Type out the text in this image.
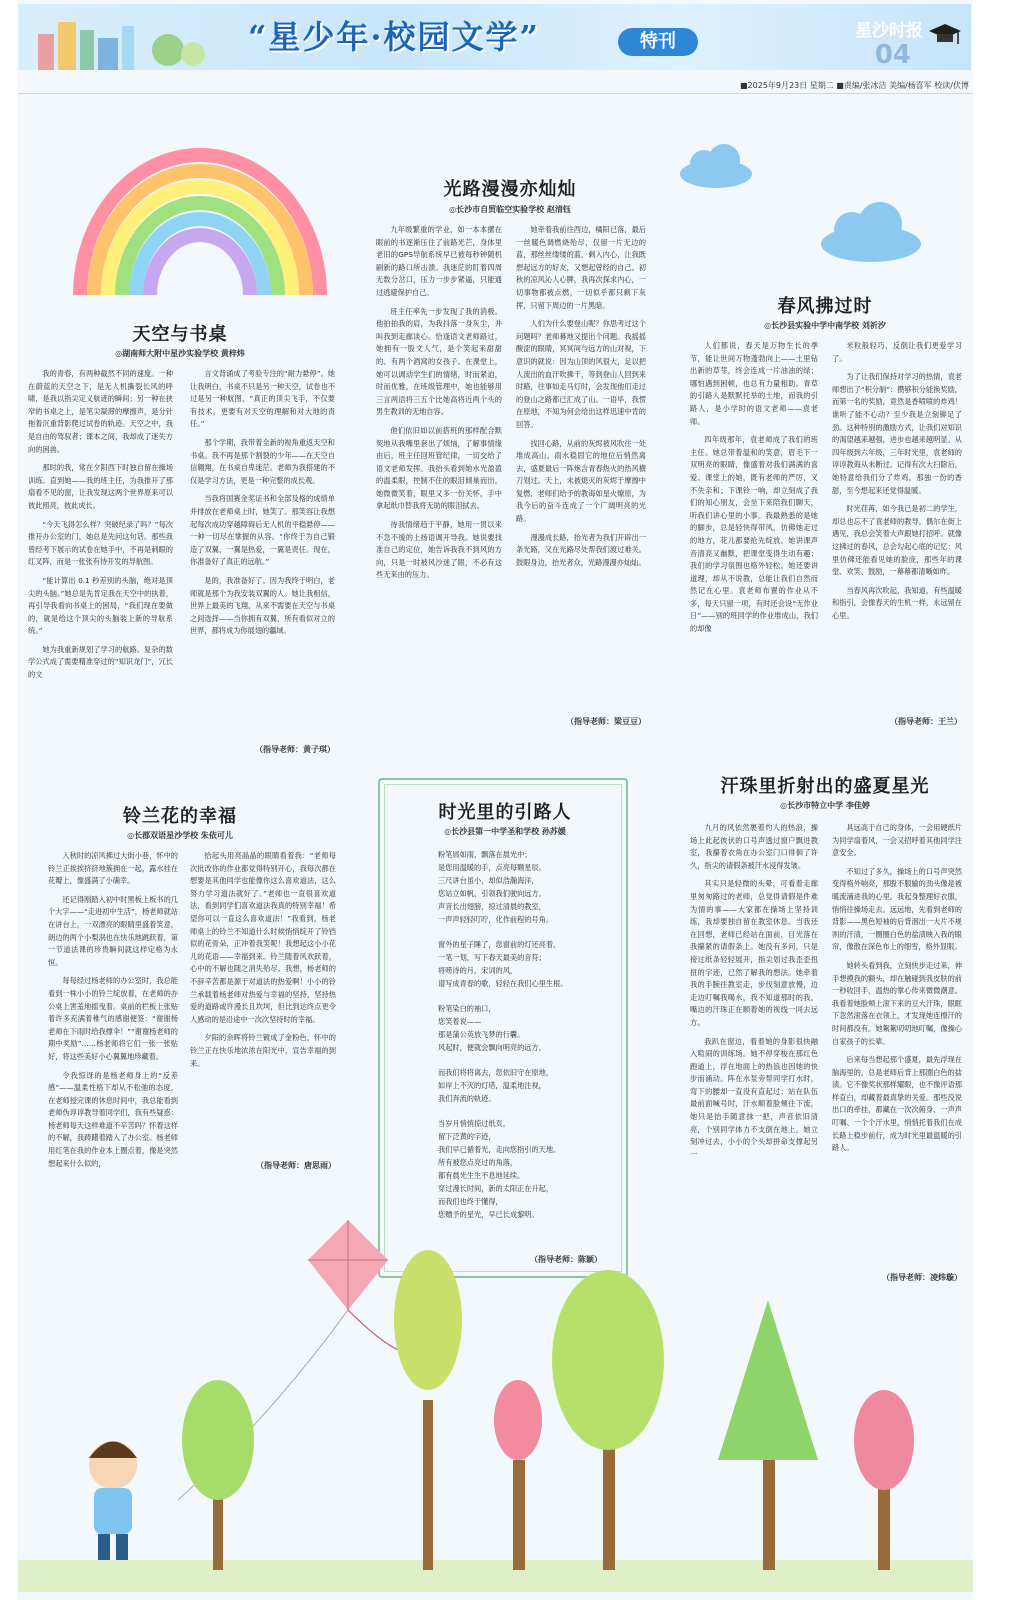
“星少年·校园文学”	特刊	星沙时报
04
■2025年9月23日 星期二 ■责编/张冰洁 美编/杨喜军 校读/伏博
天空与书桌
◎湖南师大附中星沙实验学校 黄梓炜

我的青春，有两种截然不同的速度。一种在蔚蓝的天空之下，是无人机撕裂长风的呼啸，是我以指尖定义航迹的瞬间；另一种在狭窄的书桌之上，是笔尖凝滞的摩擦声，是分针拖着沉重背影爬过试卷的轨迹。天空之中，我是自由的驾驭者；课本之间，我却成了迷失方向的困兽。

那时的我，常在夕阳西下时独自留在操场训练。直到她——我的班主任，为我推开了那扇看不见的窗，让我发现这两个世界原来可以彼此照亮，彼此成长。

“今天飞得怎么样？突破纪录了吗？”每次推开办公室的门，她总是先问这句话。那些我曾经考下展示的试卷在她手中，不再是刺眼的红叉阵，而是一张张有待开发的导航图。

“能计算出 0.1 秒差别的头脑，绝对是顶尖的头脑。”她总是先肯定我在天空中的执着，再引导我看向书桌上的困局，“我们现在要做的，就是给这个顶尖的头脑装上新的导航系统。”

她为我重新规划了学习的航路。复杂的数学公式成了需要精准穿过的“知识龙门”，冗长的文

言文背诵成了考验专注的“耐力悬停”。她让我明白，书桌不只是另一种天空，试卷也不过是另一种航图，“真正的顶尖飞手，不仅要有技术，更要有对天空的理解和对大地的责任。”

那个学期，我带着全新的视角重返天空和书桌。我不再是那个割裂的少年——在天空自信翱翔，在书桌自卑迷茫。老师为我搭建的不仅是学习方法，更是一种完整的成长观。

当我将国赛金奖证书和全部及格的成绩单并排放在老师桌上时，她笑了。那笑容让我想起每次成功穿越障碍后无人机的平稳悬停——一种一切尽在掌握的从容。“你终于为自己锻造了双翼，一翼是热爱，一翼是责任。现在，你准备好了真正的远航。”

是的，我准备好了。因为我终于明白，老师就是那个为我安装双翼的人。她让我相信，世界上最美的飞翔，从来不需要在天空与书桌之间选择——当你拥有双翼，所有看似对立的世界，都将成为你展翅的疆域。

（指导老师：黄子琪）
光路漫漫亦灿灿
◎长沙市自贸临空实验学校 赵清钰

九年级繁重的学业，如一本本摞在眼前的书逐渐压住了前路光芒，身体里老旧的GPS导航系统早已被每秒钟随机刷新的路口所击溃。我迷茫的盯着四周无数分岔口，压力一步步紧逼，只能通过逃避保护自己。

班主任率先一步发现了我的消极。他拍拍我的肩，为我抖落一身灰尘，并叫我到走廊谈心。恰逢语文老师路过，她拥有一股文人气，是个笑起来甜甜的、有两个酒窝的女孩子。在课堂上，她可以调动学生们的情绪，时而紧迫，时而优雅，在班级管理中，她也能够用三言两语将三五个比她高将近两个头的男生教训的无地自容。

他们依旧如以前搭班的那样配合默契地从我嘴里套出了烦恼，了解事情缘由后，班主任回班管纪律，一切交给了语文老师发挥。我抬头看到她水光盈盈的温柔眼，控制不住的眼泪倾巢而出，她微微笑着，眼里又多一份关怀，手中拿起纸巾替我将无助的眼泪拭去。

待我情绪趋于平静，她用一贯以来不急不缓的上扬语调开导我。她说要找准自己的定位，她告诉我我不到风的方向，只是一时被风沙迷了眼，不必有这些无来由的压力。

她牵着我前往西边，橘阳已落，最后一丝暖色调燃烧殆尽，仅留一片无边的蓝，那丝丝缕缕的蓝，剩入内心，让我既想起远方的好友，又想起曾经的自己。初秋的凉风沁人心脾，我再次探求内心，一切事物都被点燃，一切似乎都只剩下灰挥，只留下周边的一片黑暗。

人们为什么要登山呢？你思考过这个问题吗？老师幕地又提出个问题。我摇摇酸涩的眼睛，冥冥间与远方的山对视，下意识的就说：因为山顶的风很大，足以把人流出的血汗吹拂干，等到登山人回到来时路，往事如走马灯时，会发现他们走过的登山之路都已汇成了山。一语毕，我愣在原地，不知为何会给出这样迅速中肯的回答。

找回心路，从前的灰烬被风吹往一处堆成高山。雨水稳固它的地位后悄然离去，盛夏最后一阵炮含青春热火的热风横刀划过。天上，未被熄灭的灰烬于摩擦中复燃，老师们给予的教诲如星火燎原，为我今后的奋斗连成了一个广阔明亮的光路。

漫漫成长路，抬光者为我们开辟出一条光路，又在光路尽处帮我们渡过难关。鼓眼身边，抬光者众，光路漫漫亦灿灿。

（指导老师：梁豆豆）
春风拂过时
◎长沙县实验中学中南学校 刘祈汐

人们都说，春天是万物生长的季节，能让世间万物蓬勃向上——土里钻出新的草芽，终会连成一片油油的绿；哪怕遇到困顿，也总有力量相助。青草的引路人是默默托举的土地，而我的引路人，是小学时的语文老师——袁老师。

四年级那年，袁老师成了我们的班主任。她总带着温和的笑意，眉毛下一双明亮的眼睛，像盛着对我们满满的喜爱。课堂上的她，既有老师的严厉，又不失亲和；下课铃一响，却立刻成了我们的知心朋友，会坐下来陪我们聊天，听我们讲心里的小事。我最熟悉的是她的脚步，总是轻快得带风，仿佛她走过的地方，花儿都要抢先绽放。她讲课声音清亮又幽默，把课堂变得生动有趣；我们的学习氛围也格外轻松。她还要讲道理，却从不说教，总能让我们自然而然记在心里。袁老师布置的作业从不多，每天只留一项，有时还会设“无作业日”——别的班同学的作业堆成山，我们的却像

米粒般轻巧，反倒让我们更爱学习了。

为了让我们保持对学习的热情，袁老师想出了“积分制”：攒够积分能换奖励，而第一名的奖励，竟然是香喷喷的炸鸡！谁听了能不心动？至少我是立刻铆足了劲。这种特别的激励方式，让我们对知识的渴望越来越强，进步也越来越明显。从四年级到六年级，三年时光里，袁老师的谆谆教诲从未断过。记得有次大扫除后，她特意给我们分了炸鸡，那独一份的香甜，至今想起来还觉得温暖。

时光荏苒，如今我已是初二的学生，却总也忘不了袁老师的教导。偶尔在街上遇见，我总会笑着大声跟她打招呼。就像这拂过的春风，总会勾起心底的记忆：风里仿佛还能看见她的脸庞，那些年的课堂、欢笑、鼓励，一幕幕都清晰如昨。

当春风再次吹起，我知道，有些温暖和指引，会像春天的生机一样，永远留在心里。

（指导老师：王兰）
铃兰花的幸福
◎长郡双语星沙学校 朱依可儿

入秋时的凉风拂过大街小巷，怀中的铃兰正挨挨挤挤地簇拥在一起，露水挂在花瓣上，像盛满了小确幸。

还记得刚踏入初中时黑板上板书的几个大字——“走进初中生活”，杨老师就站在讲台上，一双漂亮的眼睛里盛着笑意，朗边的两个小梨涡也在快乐地跳跃着，第一节道法课的珍贵瞬间就这样定格为永恒。

每每经过杨老师的办公室时，我总能看到一株小小的铃兰绽放着，在老师的办公桌上害羞地摇曳着。桌前的栏板上张贴着许多充满着稚气的感谢便签：“谢谢杨老师在下雨时给我撑伞！”“谢谢杨老师的期中奖励”……杨老师将它们一张一张贴好，将这些美好小心翼翼地珍藏着。

令我惊讶的是杨老师身上的“反差感”——温柔性格下却从不松弛的态度，在老师授完课的休息时间中，我总能看到老师伪谆谆教导着同学们，我有些疑惑：杨老师每天这样难道不辛苦吗？怀着这样的不解，我踌躇着踏入了办公室。杨老师用红笔在我的作业本上圈点着，像是突然想起来什么似的，

拾起头用亮晶晶的眼睛看着我：“老师每次批改你的作业都觉得特别开心，我每次都在想要是其他同学也能像你这么喜欢道法，这么努力学习道法就好了。”老师也一直很喜欢道法，看到同学们喜欢道法我真的特别幸福！希望你可以一直这么喜欢道法！”我看到，杨老师桌上的铃兰不知道什么时候悄悄绽开了铃铛似的花骨朵，正冲着我笑呢！我想起这小小花儿的花语——幸福到来。铃兰随着风欢跃着，心中的不解也随之消失殆尽。我想，杨老师的不辞辛苦都是源于对道法的热爱啊！小小的铃兰承载着杨老师对热爱与幸福的坚持，坚持热爱的道路或许漫长且坎坷，但比到达终点更令人感动的是沿途中一次次坚持时的幸福。

夕阳的余晖将铃兰镀成了金粉色，怀中的铃兰正在快乐地浓浓在阳光中，宣告幸福的到来。

（指导老师：唐思雨）
时光里的引路人
◎长沙县第一中学圣和学校 孙苏媛
粉笔屑如雨，飘落在晨光中；
是您用温暖的手，点亮每颗星辰。
三尺讲台虽小，却似浩瀚海洋，
您站立如帆，引领我们驶向远方。
声音长出翅膀，掠过清晨的教室，
一声声轻轻叮咛，化作前程的号角。
窗外的星子睡了，您窗前的灯还亮着，
一笔一划，写下春天最美的音符；
将唠诗的月，宋词的风，
谱写成青春的歌，轻轻在我们心里生根。
粉笔染白的袖口，
您笑着说——
那是蒲公英放飞梦的行囊。
风起时，便就会飘向明亮的远方。
而我们将将离去，您依旧守在原地，
如岸上不灭的灯塔，温柔地注视，
我们奔流的轨迹。
当岁月悄悄掠过纸页，
留下泛黄的字迹，
我们早已循着光，走向您指引的天地。
所有被您点亮过的角落，
都有晨光生生不息地延续。
穿过漫长时间，新的太阳正在升起，
而我们也终于懂得，
您赠予的星光，早已长成黎明。
（指导老师：陈颖）
汗珠里折射出的盛夏星光
◎长沙市特立中学 李佳婷

九月的风依然裹着灼人的热浪，操场上此起彼伏的口号声透过窗户飘进教室，我攥着衣角在办公室门口徘徊了许久，指尖的请假条被汗水浸得发皱。

其实只是轻微的头晕，可看着走廊里匆匆路过的老师，总觉得请假是件难为情的事——大家都在操场上坚持训练，我却要独自留在教室休息。当我还在回想，老师已经站在面前，目光落在我攥紧的请假条上。她没有多问，只是接过纸条轻轻展开，指尖划过我歪歪扭扭的字迹，已然了解我的想法。她牵着我的手腕往教室走，步伐刻意放慢，边走边叮嘱我喝水，我不知道那时的我，嘴边的汗珠正在顺着她的视线一同去远方。

我趴在窗边，看着她的身影很快融入喧闹的训练场。她不停穿梭在那红色跑道上，浮在地面上的热浪也因她的快步而涌动。阵在水泵旁帮同学打水时，弯下的腰却一直没有直起过；站在队伍最前面喊号时，汗水顺着脸颊往下流，她只是抬手随意抹一把，声音依旧清亮，个别同学体力不支倒在地上，她立刻冲过去，小小的个头却拼命支撑起另一

具远高于自己的身体，一会用硬纸片为同学扇着风，一会又招呼着其他同学注意安全。

不知过了多久，操场上的口号声突然变得格外响亮，那股不服输的劲头像是被暖流涌进我的心里。我起身整理好衣服，悄悄往操场走去。远远地，先看到老师的背影——黑色短袖的后背洇出一大片不规则的汗渍，一圈圈白色的盐渍映入我的眼帘，像散在深色布上的细雪，格外显眼。

她转头看到我，立刻快步走过来，伸手想摸我的额头，却在触碰到我皮肤的前一秒收回手，温热的掌心传来微微潮意。我看着她脸颊上滚下来的豆大汗珠，眼眶下忽然滚落在衣领上，才发现她连擦汗的时间都没有。她絮絮叨叨地叮嘱，像操心自家孩子的长辈。

后来每当想起那个盛夏，最先浮现在脑海里的，总是老师后背上那圈白色的盐渍。它不像奖状那样耀眼，也不像评语那样直白，却藏着最真挚的关爱。那些没说出口的牵挂，都藏在一次次俯身、一声声叮嘱、一个个汗水里，悄悄托着我们在成长路上稳步前行，成为时光里最温暖的引路人。

（指导老师：凌炜璇）
